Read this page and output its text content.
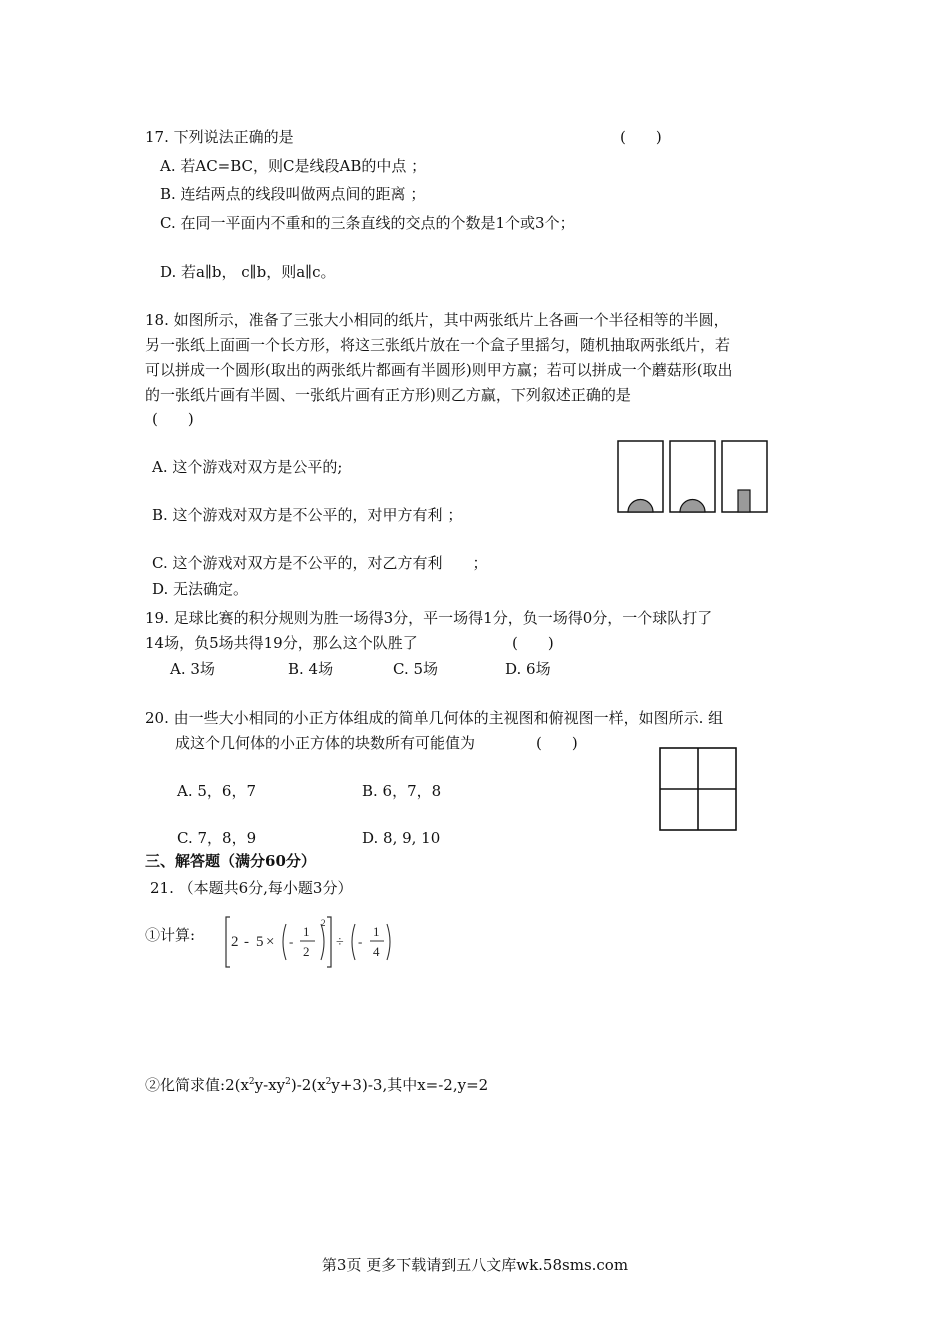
17. 下列说法正确的是	(　　)
A. 若AC=BC，则C是线段AB的中点 ；
B. 连结两点的线段叫做两点间的距离 ；
C. 在同一平面内不重和的三条直线的交点的个数是1个或3个；
D. 若a∥b， c∥b，则a∥c。
18. 如图所示，准备了三张大小相同的纸片，其中两张纸片上各画一个半径相等的半圆，
另一张纸上面画一个长方形，将这三张纸片放在一个盒子里摇匀，随机抽取两张纸片，若
可以拼成一个圆形(取出的两张纸片都画有半圆形)则甲方赢；若可以拼成一个蘑菇形(取出
的一张纸片画有半圆、一张纸片画有正方形)则乙方赢，下列叙述正确的是
(　　)
A. 这个游戏对双方是公平的;
B. 这个游戏对双方是不公平的，对甲方有利 ；
C. 这个游戏对双方是不公平的，对乙方有利　　；
D. 无法确定。
19. 足球比赛的积分规则为胜一场得3分，平一场得1分，负一场得0分，一个球队打了
14场，负5场共得19分，那么这个队胜了	(　　)
A. 3场	B. 4场	C. 5场	D. 6场
20. 由一些大小相同的小正方体组成的简单几何体的主视图和俯视图一样，如图所示. 组
成这个几何体的小正方体的块数所有可能值为	(　　)
A. 5，6，7	B. 6，7，8
C. 7，8，9	D. 8, 9, 10
三、解答题（满分60分）
21. （本题共6分,每小题3分）
①计算: 2 - 5 × -
1
2
2
÷ -
1
4
②化简求值$:2(x^2y-xy^2)-2(x^2y+3)-3$,其中x=-2,y=2
第3页 更多下载请到五八文库wk.58sms.com
